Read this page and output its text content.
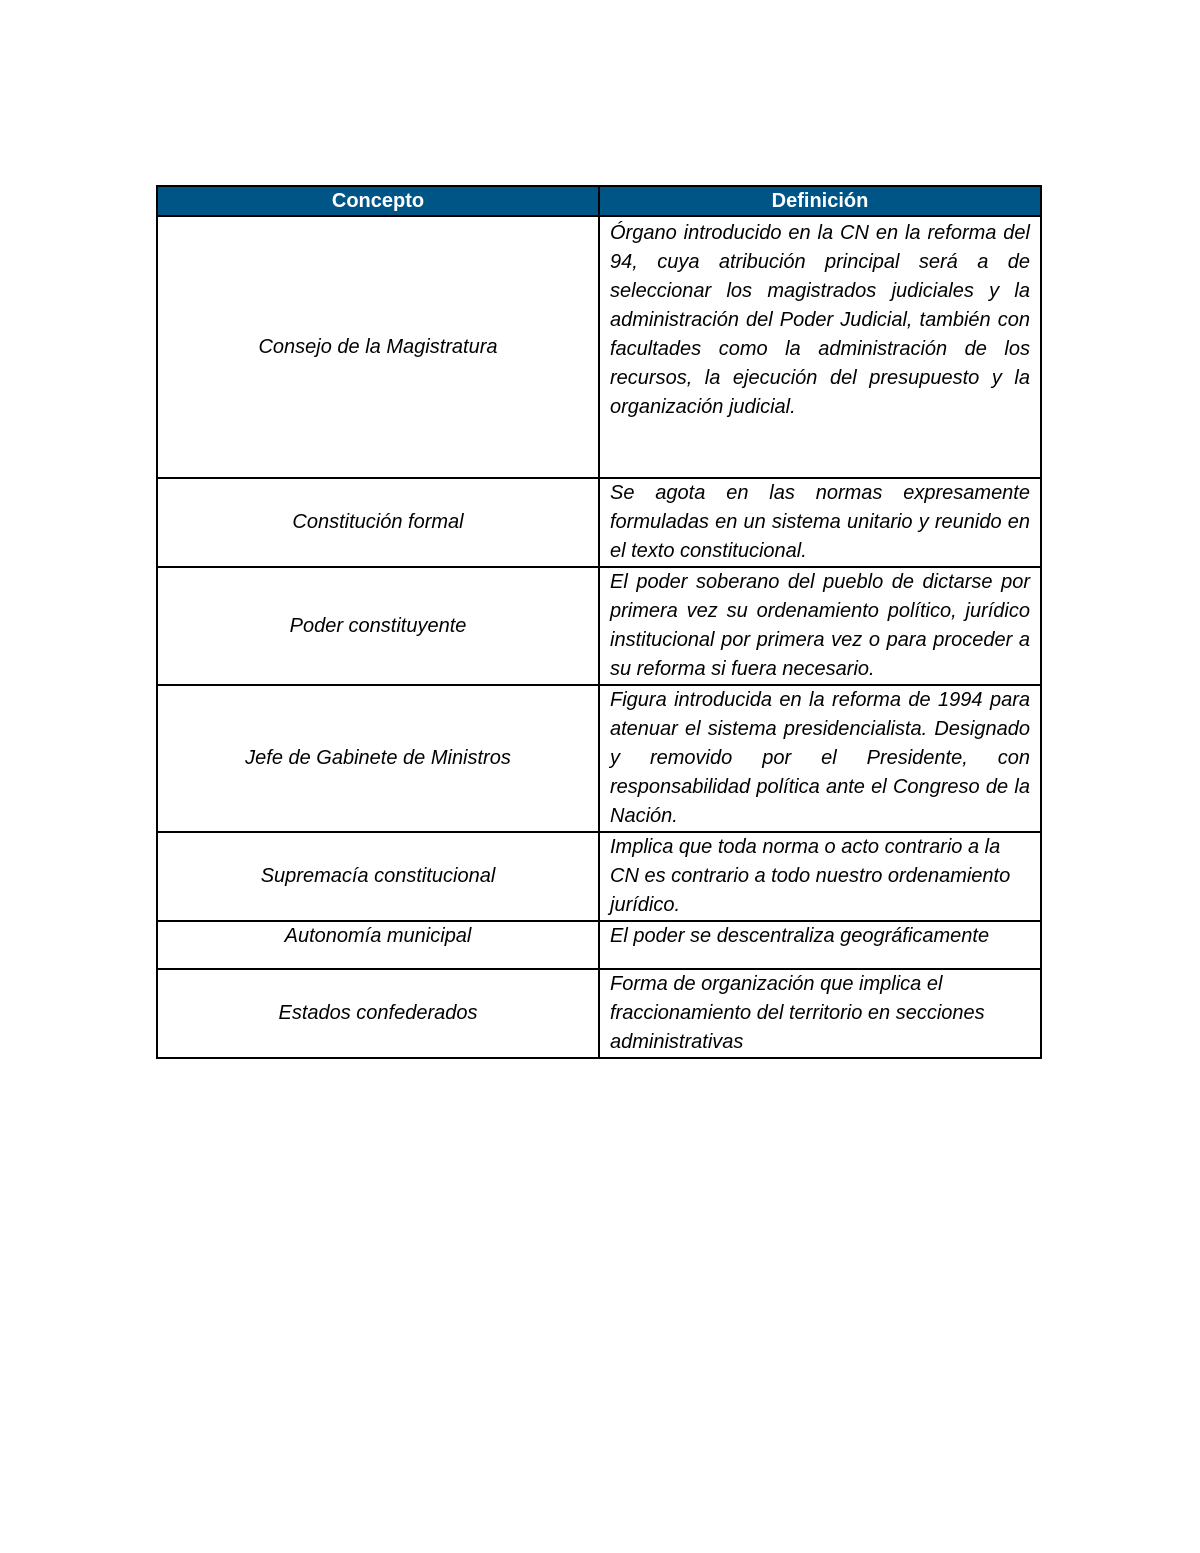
Concepto	Definición
Consejo de la Magistratura	Órgano introducido en la CN en la reforma del 94, cuya atribución principal será a de seleccionar los magistrados judiciales y la administración del Poder Judicial, también con facultades como la administración de los recursos, la ejecución del presupuesto y la organización judicial.

Constitución formal	Se agota en las normas expresamente formuladas en un sistema unitario y reunido en el texto constitucional.

Poder constituyente	El poder soberano del pueblo de dictarse por primera vez su ordenamiento político, jurídico institucional por primera vez o para proceder a su reforma si fuera necesario.

Jefe de Gabinete de Ministros	Figura introducida en la reforma de 1994 para atenuar el sistema presidencialista. Designado y removido por el Presidente, con responsabilidad política ante el Congreso de la Nación.

Supremacía constitucional	Implica que toda norma o acto contrario a la CN es contrario a todo nuestro ordenamiento jurídico.

Autonomía municipal	El poder se descentraliza geográficamente

Estados confederados	Forma de organización que implica el fraccionamiento del territorio en secciones administrativas
